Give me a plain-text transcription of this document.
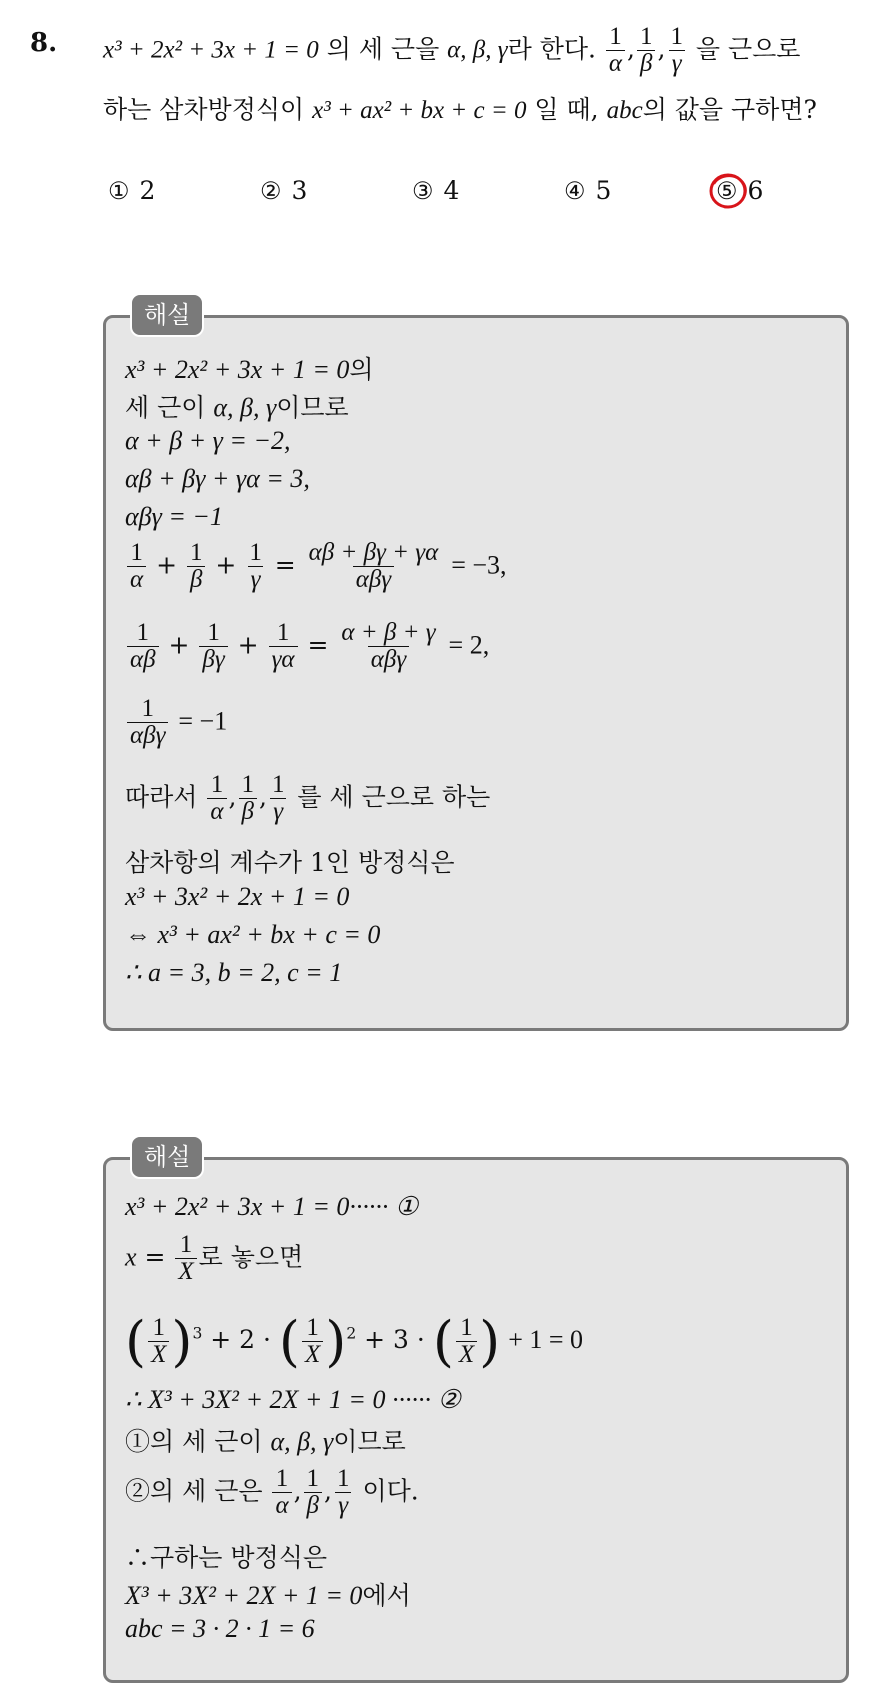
8. x³ + 2x² + 3x + 1 = 0 의 세 근을 α, β, γ라 한다. $\frac{1}{\alpha}$ , $\frac{1}{\beta}$ , $\frac{1}{\gamma}$ 을 근으로
하는 삼차방정식이 x³ + ax² + bx + c = 0 일 때, abc의 값을 구하면?
① 2	② 3	③ 4	④ 5	⑤ 6
해설
x³ + 2x² + 3x + 1 = 0의
세 근이 α, β, γ이므로
α + β + γ = −2,
αβ + βγ + γα = 3,
αβγ = −1
$\frac{1}{\alpha} + \frac{1}{\beta} + \frac{1}{\gamma} = \frac{\alpha\beta + \beta\gamma + \gamma\alpha}{\text{αβγ}} = -3$,
$\frac{1}{\alpha\beta} + \frac{1}{\beta\gamma} + \frac{1}{\gamma\alpha} = \frac{\alpha + \beta + \gamma}{\text{αβγ}} = 2$,
$\frac{1}{\text{αβγ}} = -1$
따라서 $\frac{1}{\alpha}$ , $\frac{1}{\beta}$ , $\frac{1}{\gamma}$ 를 세 근으로 하는
삼차항의 계수가 1인 방정식은
x³ + 3x² + 2x + 1 = 0
⇔ x³ + ax² + bx + c = 0
∴ a = 3, b = 2, c = 1
해설
x³ + 2x² + 3x + 1 = 0······ ①
$x = \frac{1}{X}$ 로 놓으면
( $\frac{1}{X} )^3 + 2$ · ( $\frac{1}{X} )^2 + 3$ · ( $\frac{1}{X}$ ) + 1 = 0
∴ X³ + 3X² + 2X + 1 = 0 ······ ②
①의 세 근이 α, β, γ이므로
②의 세 근은 $\frac{1}{\alpha}$ , $\frac{1}{\beta}$ , $\frac{1}{\gamma}$ 이다.
∴구하는 방정식은
X³ + 3X² + 2X + 1 = 0에서
abc = 3 · 2 · 1 = 6
